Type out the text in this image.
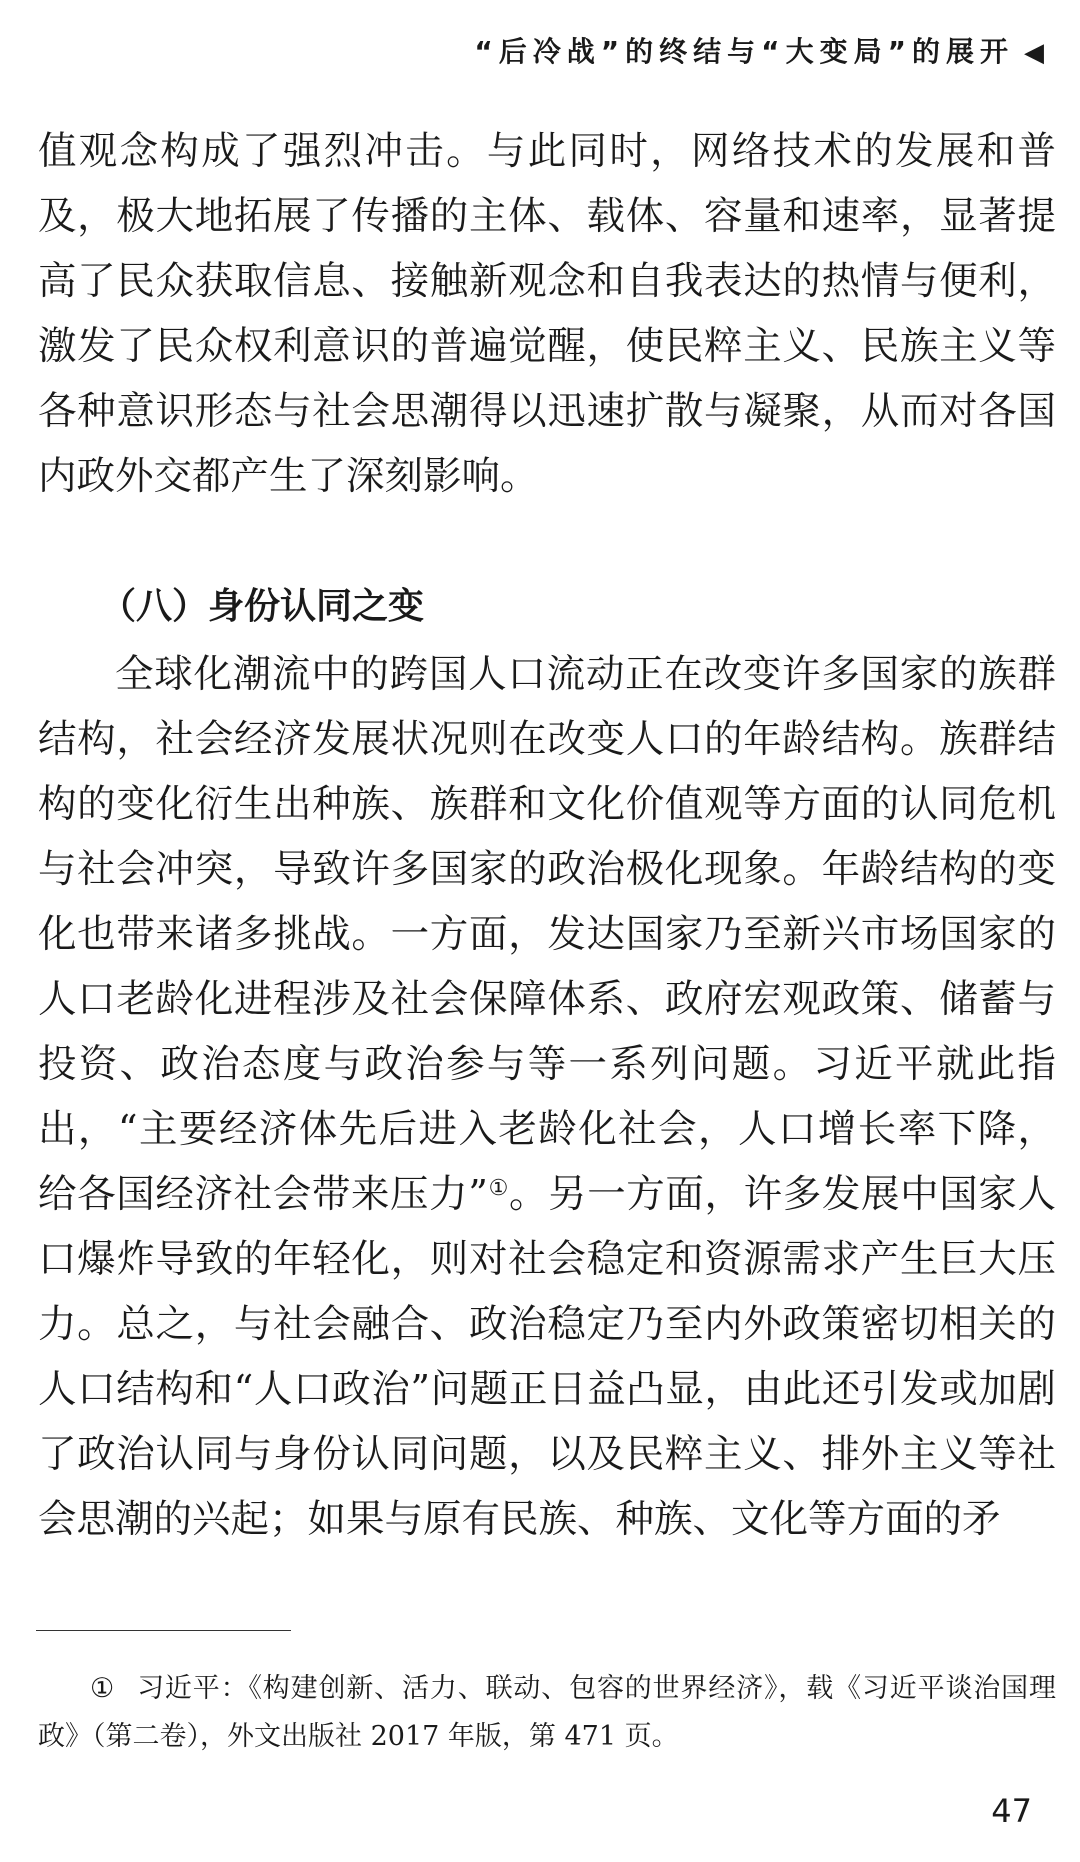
“后冷战”的终结与“大变局”的展开 ◀

值观念构成了强烈冲击。与此同时，网络技术的发展和普及，极大地拓展了传播的主体、载体、容量和速率，显著提高了民众获取信息、接触新观念和自我表达的热情与便利，激发了民众权利意识的普遍觉醒，使民粹主义、民族主义等各种意识形态与社会思潮得以迅速扩散与凝聚，从而对各国内政外交都产生了深刻影响。

（八）身份认同之变

全球化潮流中的跨国人口流动正在改变许多国家的族群结构，社会经济发展状况则在改变人口的年龄结构。族群结构的变化衍生出种族、族群和文化价值观等方面的认同危机与社会冲突，导致许多国家的政治极化现象。年龄结构的变化也带来诸多挑战。一方面，发达国家乃至新兴市场国家的人口老龄化进程涉及社会保障体系、政府宏观政策、储蓄与投资、政治态度与政治参与等一系列问题。习近平就此指出，“主要经济体先后进入老龄化社会，人口增长率下降，给各国经济社会带来压力”①。另一方面，许多发展中国家人口爆炸导致的年轻化，则对社会稳定和资源需求产生巨大压力。总之，与社会融合、政治稳定乃至内外政策密切相关的人口结构和“人口政治”问题正日益凸显，由此还引发或加剧了政治认同与身份认同问题，以及民粹主义、排外主义等社会思潮的兴起；如果与原有民族、种族、文化等方面的矛

① 习近平：《构建创新、活力、联动、包容的世界经济》，载《习近平谈治国理政》（第二卷），外文出版社 2017 年版，第 471 页。
47
